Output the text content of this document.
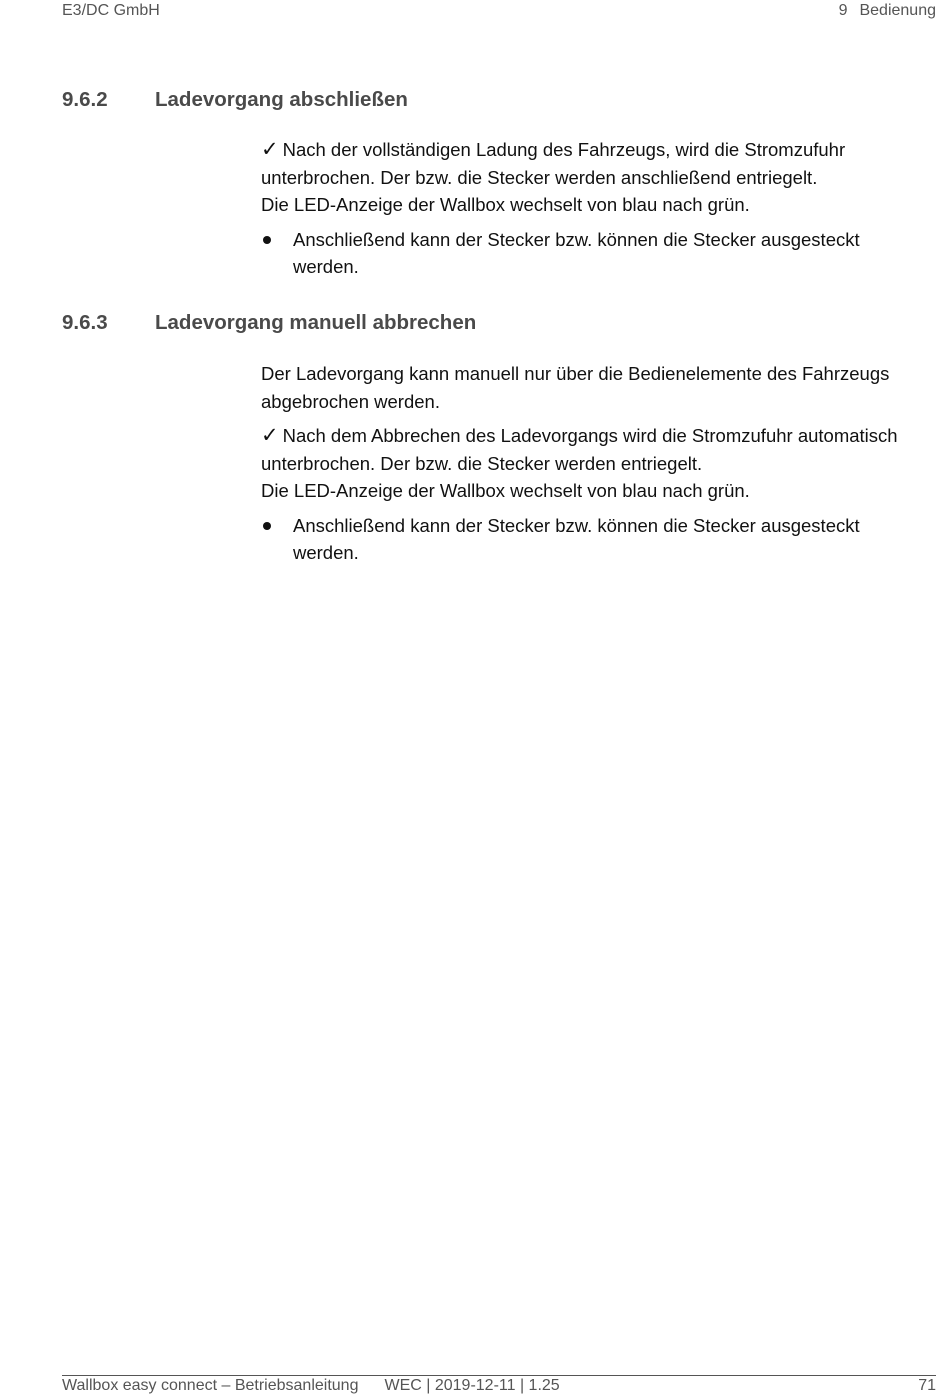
E3/DC GmbH	9 Bedienung
9.6.2 Ladevorgang abschließen

✓ Nach der vollständigen Ladung des Fahrzeugs, wird die Stromzufuhr unterbrochen. Der bzw. die Stecker werden anschließend entriegelt.
Die LED-Anzeige der Wallbox wechselt von blau nach grün.

Anschließend kann der Stecker bzw. können die Stecker ausgesteckt werden.
9.6.3 Ladevorgang manuell abbrechen

Der Ladevorgang kann manuell nur über die Bedienelemente des Fahrzeugs abgebrochen werden.

✓ Nach dem Abbrechen des Ladevorgangs wird die Stromzufuhr automatisch unterbrochen. Der bzw. die Stecker werden entriegelt.
Die LED-Anzeige der Wallbox wechselt von blau nach grün.

Anschließend kann der Stecker bzw. können die Stecker ausgesteckt werden.
Wallbox easy connect – Betriebsanleitung WEC | 2019-12-11 | 1.25	71
